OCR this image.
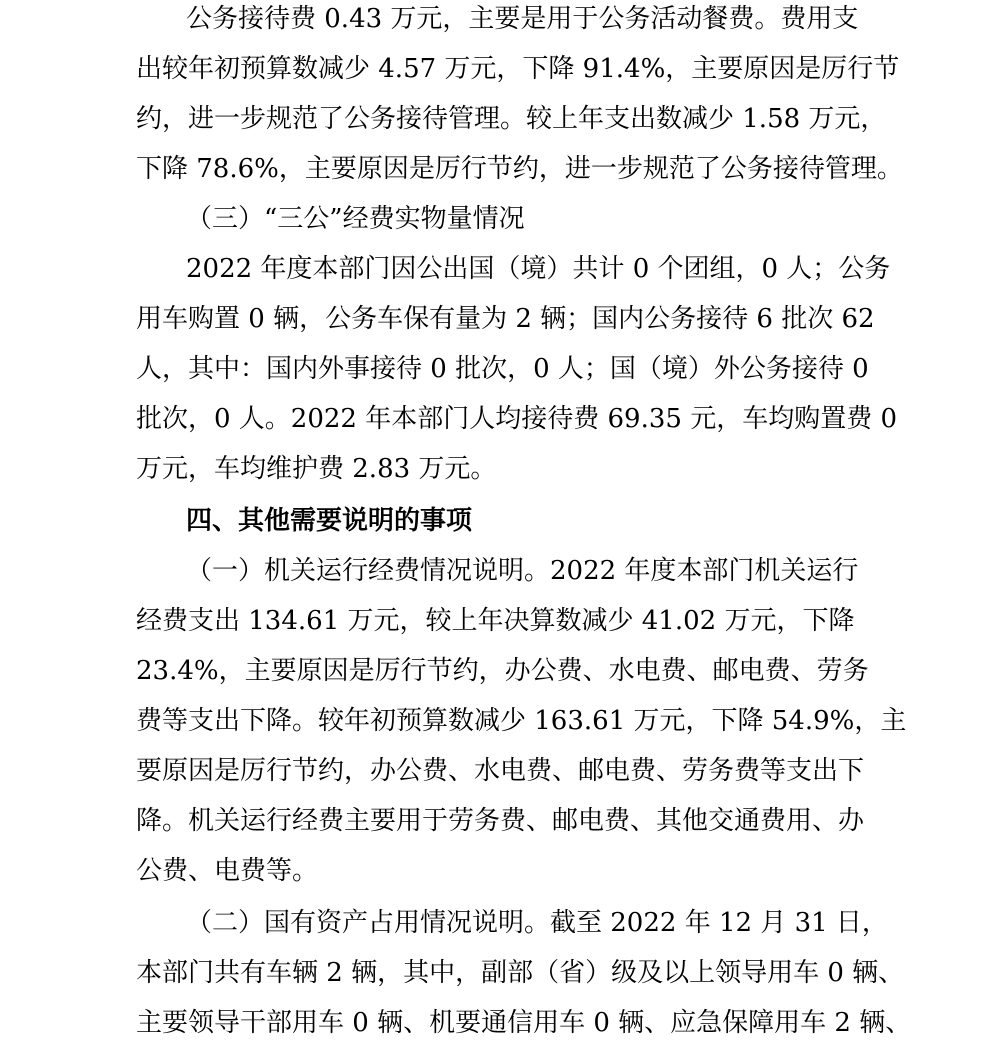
公务接待费 0.43 万元，主要是用于公务活动餐费。费用支
出较年初预算数减少 4.57 万元，下降 91.4%，主要原因是厉行节
约，进一步规范了公务接待管理。较上年支出数减少 1.58 万元，
下降 78.6%，主要原因是厉行节约，进一步规范了公务接待管理。
（三）“三公”经费实物量情况
2022 年度本部门因公出国（境）共计 0 个团组，0 人；公务
用车购置 0 辆，公务车保有量为 2 辆；国内公务接待 6 批次 62
人，其中：国内外事接待 0 批次，0 人；国（境）外公务接待 0
批次，0 人。2022 年本部门人均接待费 69.35 元，车均购置费 0
万元，车均维护费 2.83 万元。
四、其他需要说明的事项
（一）机关运行经费情况说明。2022 年度本部门机关运行
经费支出 134.61 万元，较上年决算数减少 41.02 万元，下降
23.4%，主要原因是厉行节约，办公费、水电费、邮电费、劳务
费等支出下降。较年初预算数减少 163.61 万元，下降 54.9%，主
要原因是厉行节约，办公费、水电费、邮电费、劳务费等支出下
降。机关运行经费主要用于劳务费、邮电费、其他交通费用、办
公费、电费等。
（二）国有资产占用情况说明。截至 2022 年 12 月 31 日，
本部门共有车辆 2 辆，其中，副部（省）级及以上领导用车 0 辆、
主要领导干部用车 0 辆、机要通信用车 0 辆、应急保障用车 2 辆、
